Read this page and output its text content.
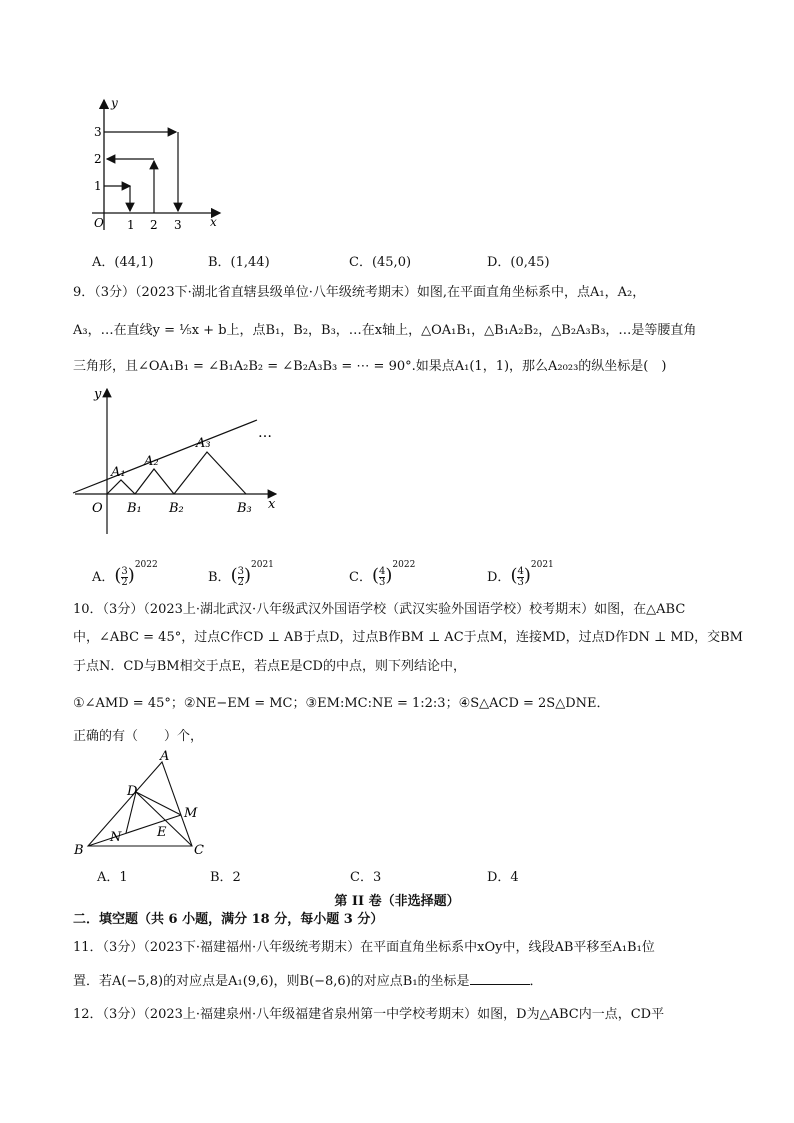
y
x
O 1 2 3
1
2
3
A．(44,1)	B．(1,44)	C．(45,0)	D．(0,45)
9．（3分）（2023下·湖北省直辖县级单位·八年级统考期末）如图,在平面直角坐标系中，点A₁，A₂，
A₃，…在直线y = ⅕x + b上，点B₁，B₂，B₃，…在x轴上，△OA₁B₁，△B₁A₂B₂，△B₂A₃B₃，…是等腰直角
三角形，且∠OA₁B₁ = ∠B₁A₂B₂ = ∠B₂A₃B₃ = ⋯ = 90°.如果点A₁(1，1)，那么A₂₀₂₃的纵坐标是(　)
y
x
O
A₁
A₂
A₃
B₁ B₂	B₃
…
A．( $\frac{3}{2} )^{2022}$
B．( $\frac{3}{2} )^{2021}$
C．( $\frac{4}{3} )^{2022}$
D．( $\frac{4}{3} )^{2021}$
10．（3分）（2023上·湖北武汉·八年级武汉外国语学校（武汉实验外国语学校）校考期末）如图，在△ABC
中，∠ABC = 45°，过点C作CD ⊥ AB于点D，过点B作BM ⊥ AC于点M，连接MD，过点D作DN ⊥ MD，交BM
于点N．CD与BM相交于点E，若点E是CD的中点，则下列结论中，
①∠AMD = 45°；②NE−EM = MC；③EM:MC:NE = 1:2:3；④S△ACD = 2S△DNE．
正确的有（　　）个，
A
B	C
D
M
N	E
A．1	B．2	C．3	D．4
第 II 卷（非选择题）
二．填空题（共 6 小题，满分 18 分，每小题 3 分）
11．（3分）（2023下·福建福州·八年级统考期末）在平面直角坐标系中xOy中，线段AB平移至A₁B₁位
置．若A(−5,8)的对应点是A₁(9,6)，则B(−8,6)的对应点B₁的坐标是	．
12．（3分）（2023上·福建泉州·八年级福建省泉州第一中学校考期末）如图，D为△ABC内一点，CD平
